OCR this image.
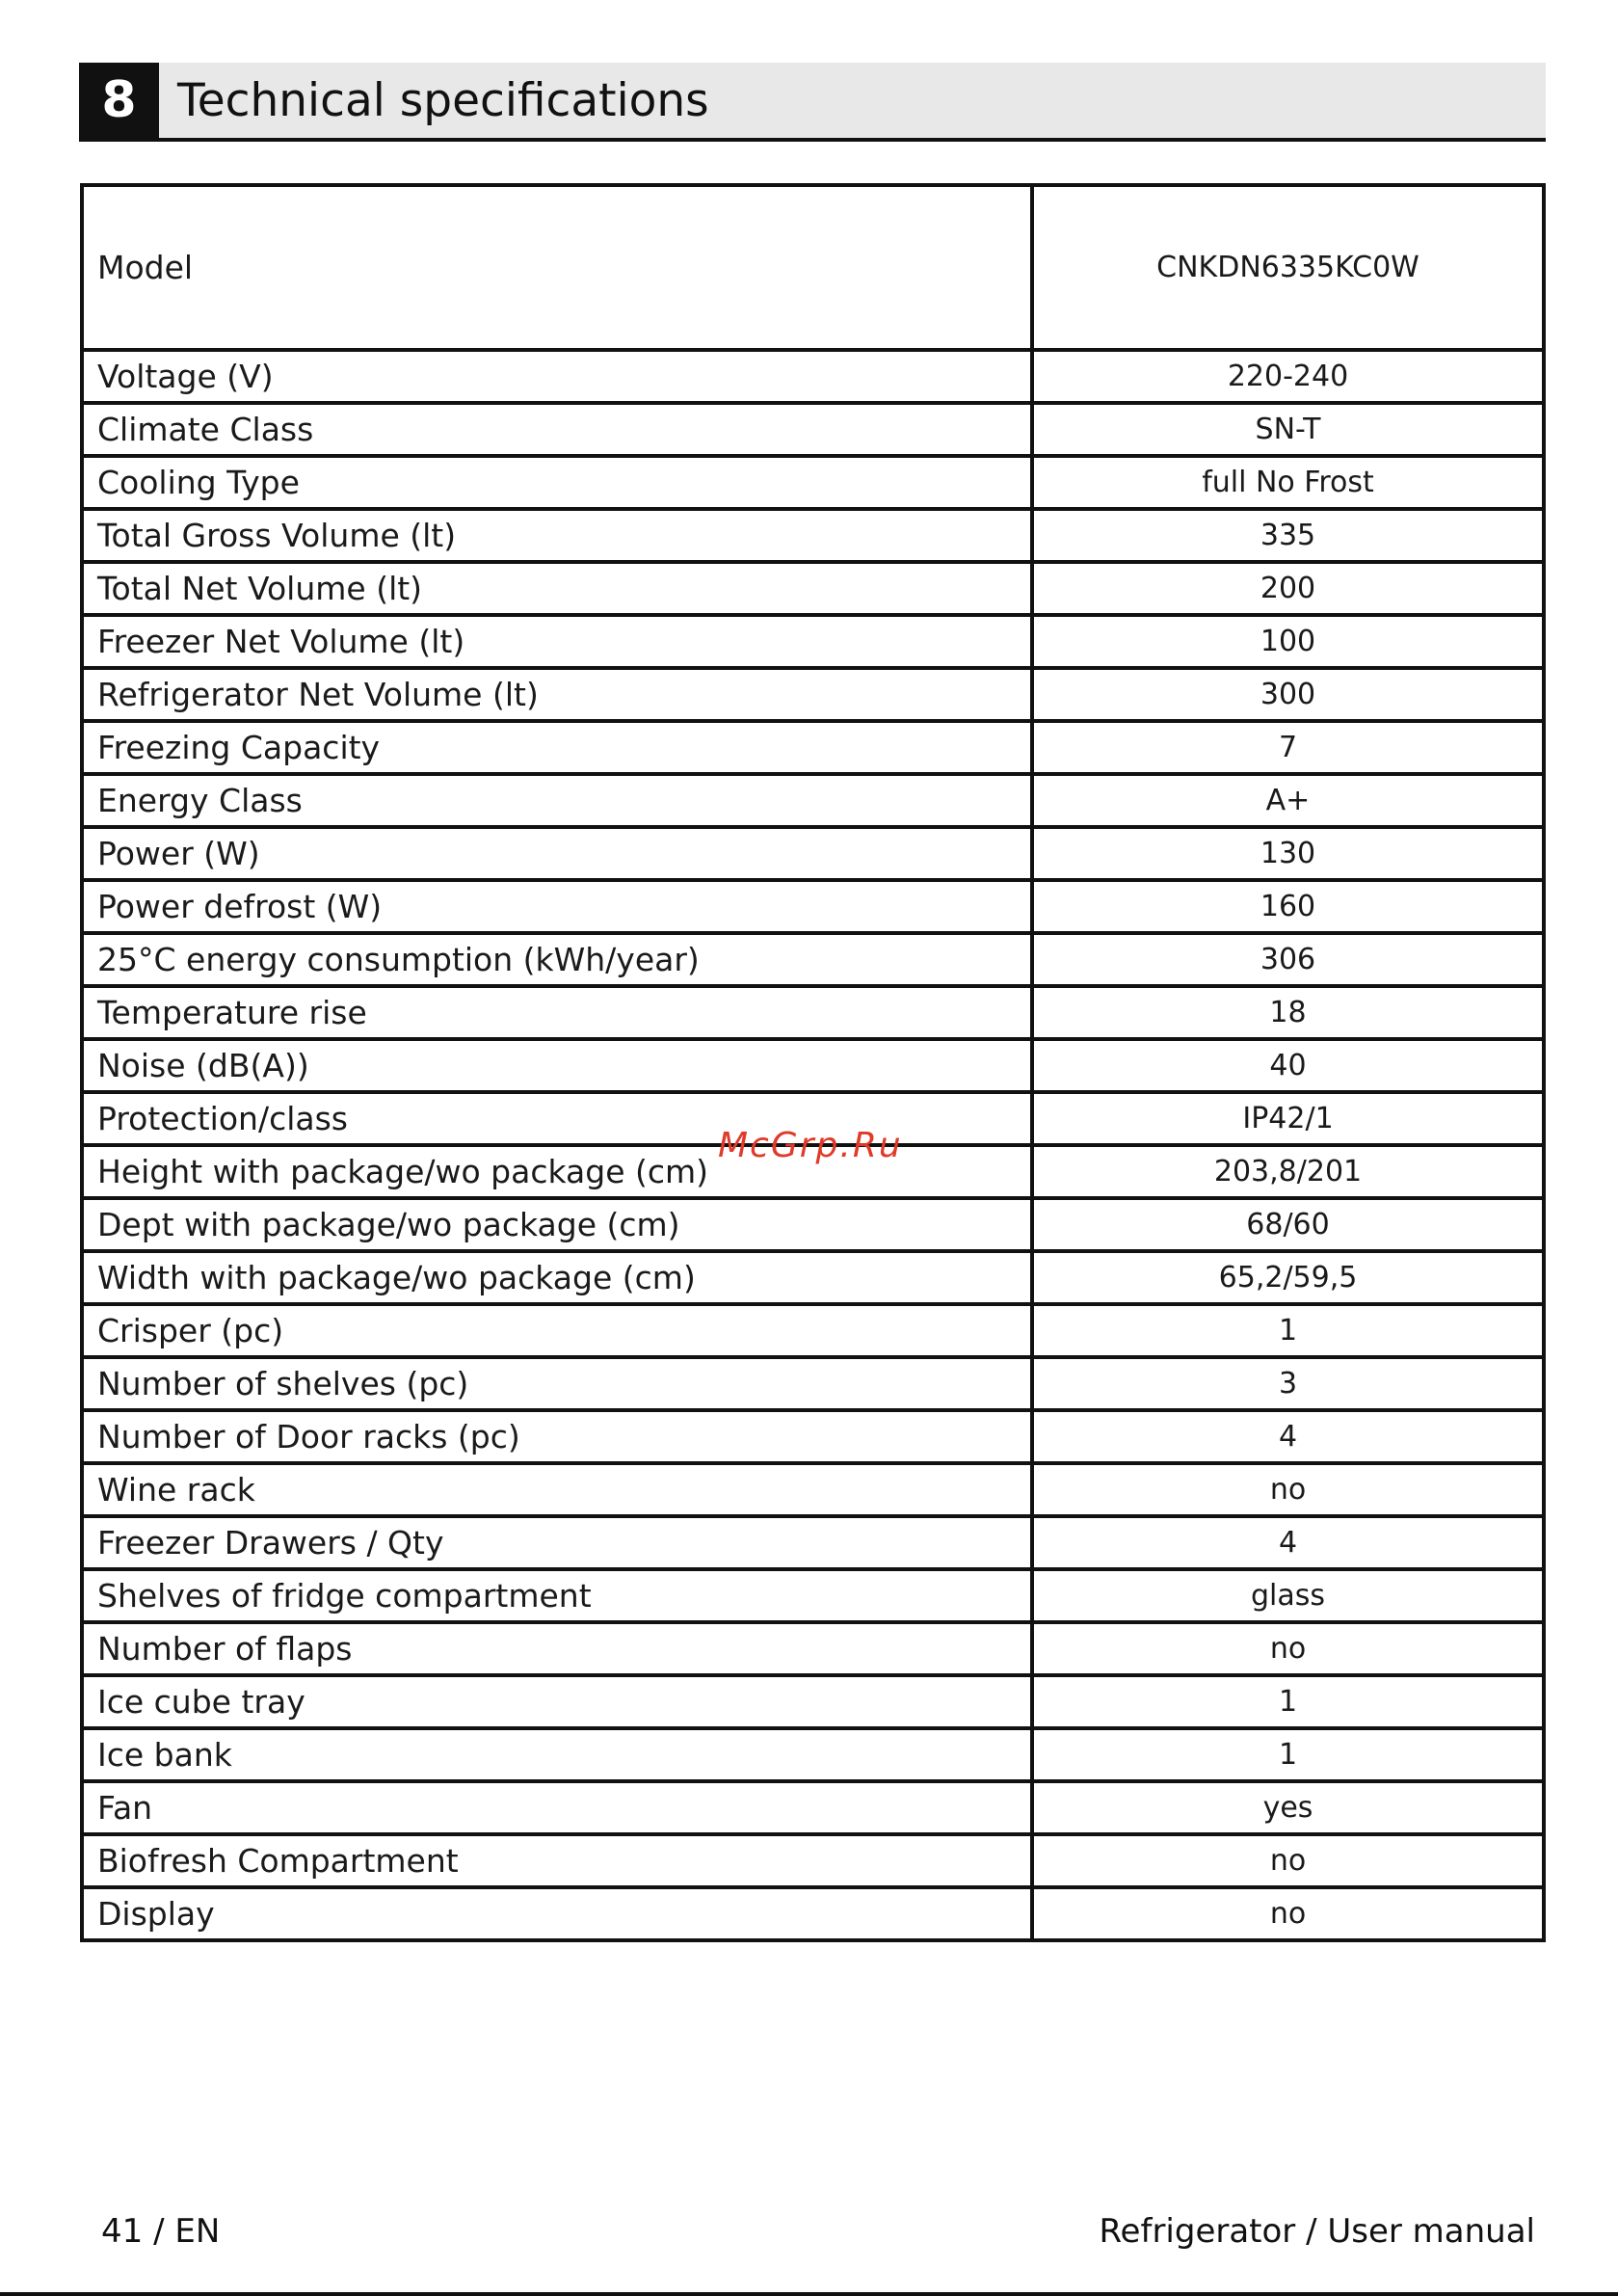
8 Technical specifications
Model	CNKDN6335KC0W
Voltage (V)	220-240
Climate Class	SN-T
Cooling Type	full No Frost
Total Gross Volume (lt)	335
Total Net Volume (lt)	200
Freezer Net Volume (lt)	100
Refrigerator Net Volume (lt)	300
Freezing Capacity	7
Energy Class	A+
Power (W)	130
Power defrost (W)	160
25°C energy consumption (kWh/year)	306
Temperature rise	18
Noise (dB(A))	40
Protection/class	IP42/1
Height with package/wo package (cm)	203,8/201
Dept with package/wo package (cm)	68/60
Width with package/wo package (cm)	65,2/59,5
Crisper (pc)	1
Number of shelves (pc)	3
Number of Door racks (pc)	4
Wine rack	no
Freezer Drawers / Qty	4
Shelves of fridge compartment	glass
Number of flaps	no
Ice cube tray	1
Ice bank	1
Fan	yes
Biofresh Compartment	no
Display	no
McGrp.Ru
41 / EN	Refrigerator / User manual
